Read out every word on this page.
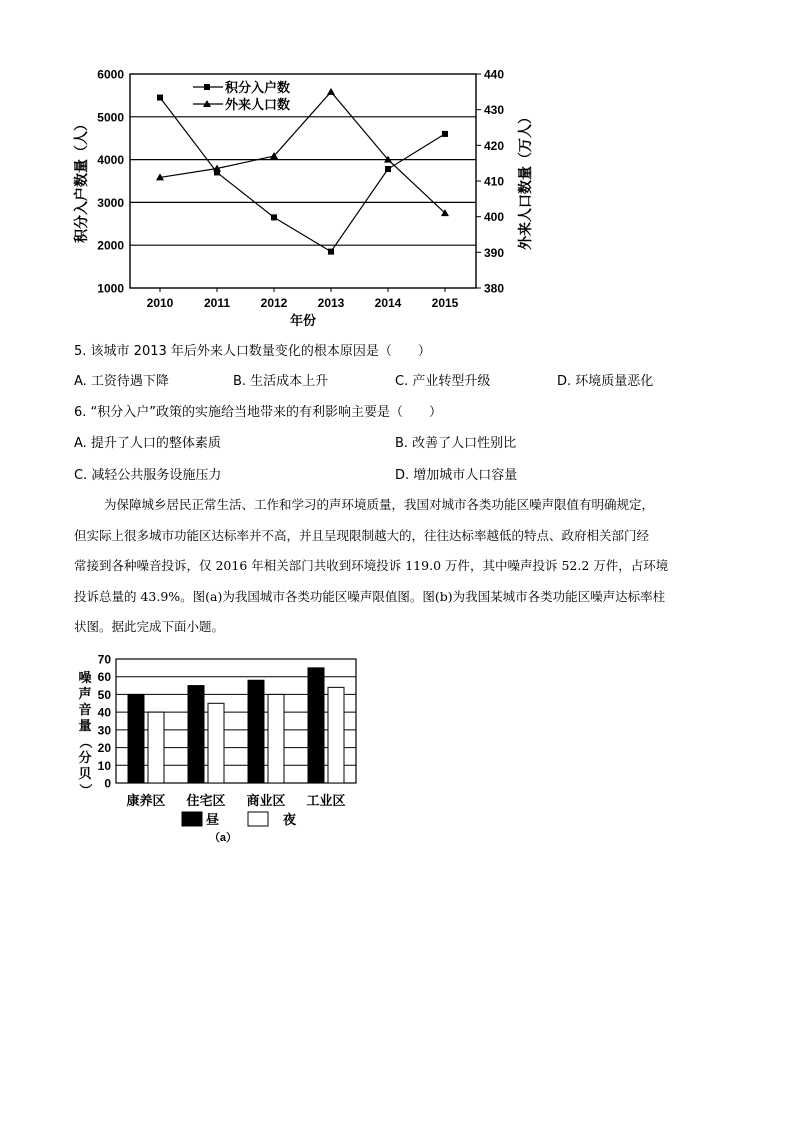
1000
2000
3000
4000
5000
6000
380
390
400
410
420
430
440
2010	2011	2012	2013	2014	2015
积分入户数
外来人口数
年份
积分入户数量（人）	外来人口数量（万人）
5. 该城市 2013 年后外来人口数量变化的根本原因是（　　）
A. 工资待遇下降	B. 生活成本上升	C. 产业转型升级	D. 环境质量恶化
6. “积分入户”政策的实施给当地带来的有利影响主要是（　　）
A. 提升了人口的整体素质	B. 改善了人口性别比
C. 减轻公共服务设施压力	D. 增加城市人口容量
为保障城乡居民正常生活、工作和学习的声环境质量，我国对城市各类功能区噪声限值有明确规定，
但实际上很多城市功能区达标率并不高，并且呈现限制越大的，往往达标率越低的特点、政府相关部门经
常接到各种噪音投诉，仅 2016 年相关部门共收到环境投诉 119.0 万件，其中噪声投诉 52.2 万件，占环境
投诉总量的 43.9%。图(a)为我国城市各类功能区噪声限值图。图(b)为我国某城市各类功能区噪声达标率柱
状图。据此完成下面小题。
0
10
20
30
40
50
60
70
康养区 住宅区 商业区 工业区
噪
声
音
量
（
分
贝
）
昼	夜
（a）
